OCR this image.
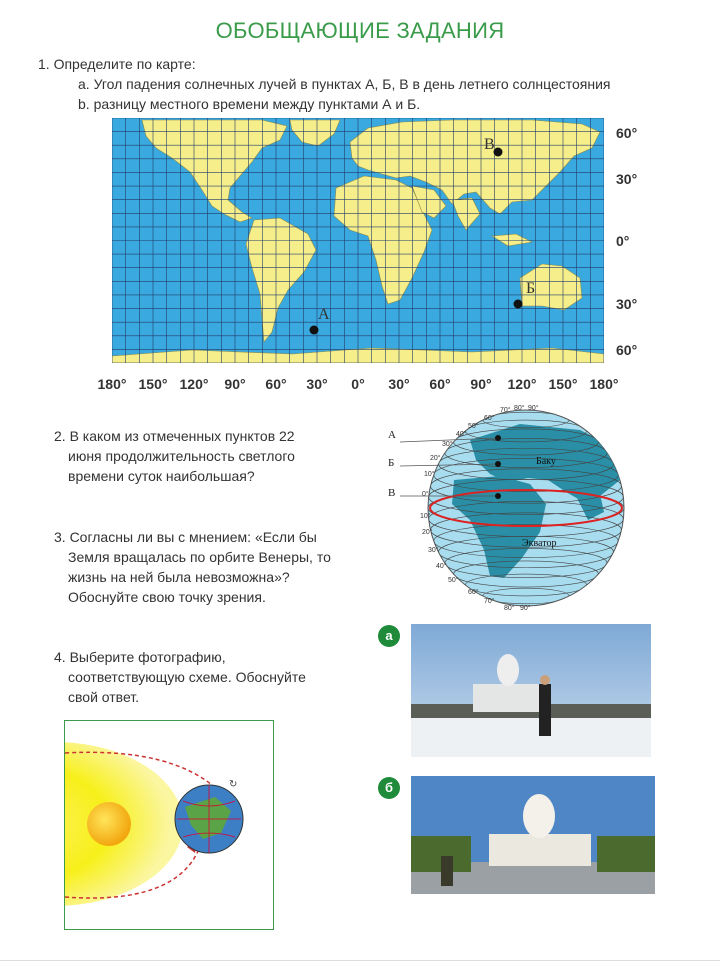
ОБОБЩАЮЩИЕ ЗАДАНИЯ
1. Определите по карте:
a. Угол падения солнечных лучей в пунктах А, Б, В в день летнего солнцестояния
b. разницу местного времени между пунктами А и Б.
А
Б
В
60°
30°
0°
30°
60°
180° 150° 120°	90°	60°	30°	0°	30°	60°	90°	120° 150° 180°
2. В каком из отмеченных пунктов 22
июня продолжительность светлого
времени суток наибольшая?
3. Согласны ли вы с мнением: «Если бы
Земля вращалась по орбите Венеры, то
жизнь на ней была невозможна»?
Обоснуйте свою точку зрения.
4. Выберите фотографию,
соответствующую схеме. Обоснуйте
свой ответ.
А
Б
В
Баку
Экватор
70° 80° 90°
60°
50°
40°
30°
20°
10°
0°
10°
20°
30°
40°
50°
60°
70°
80° 90°
а
б
↻
